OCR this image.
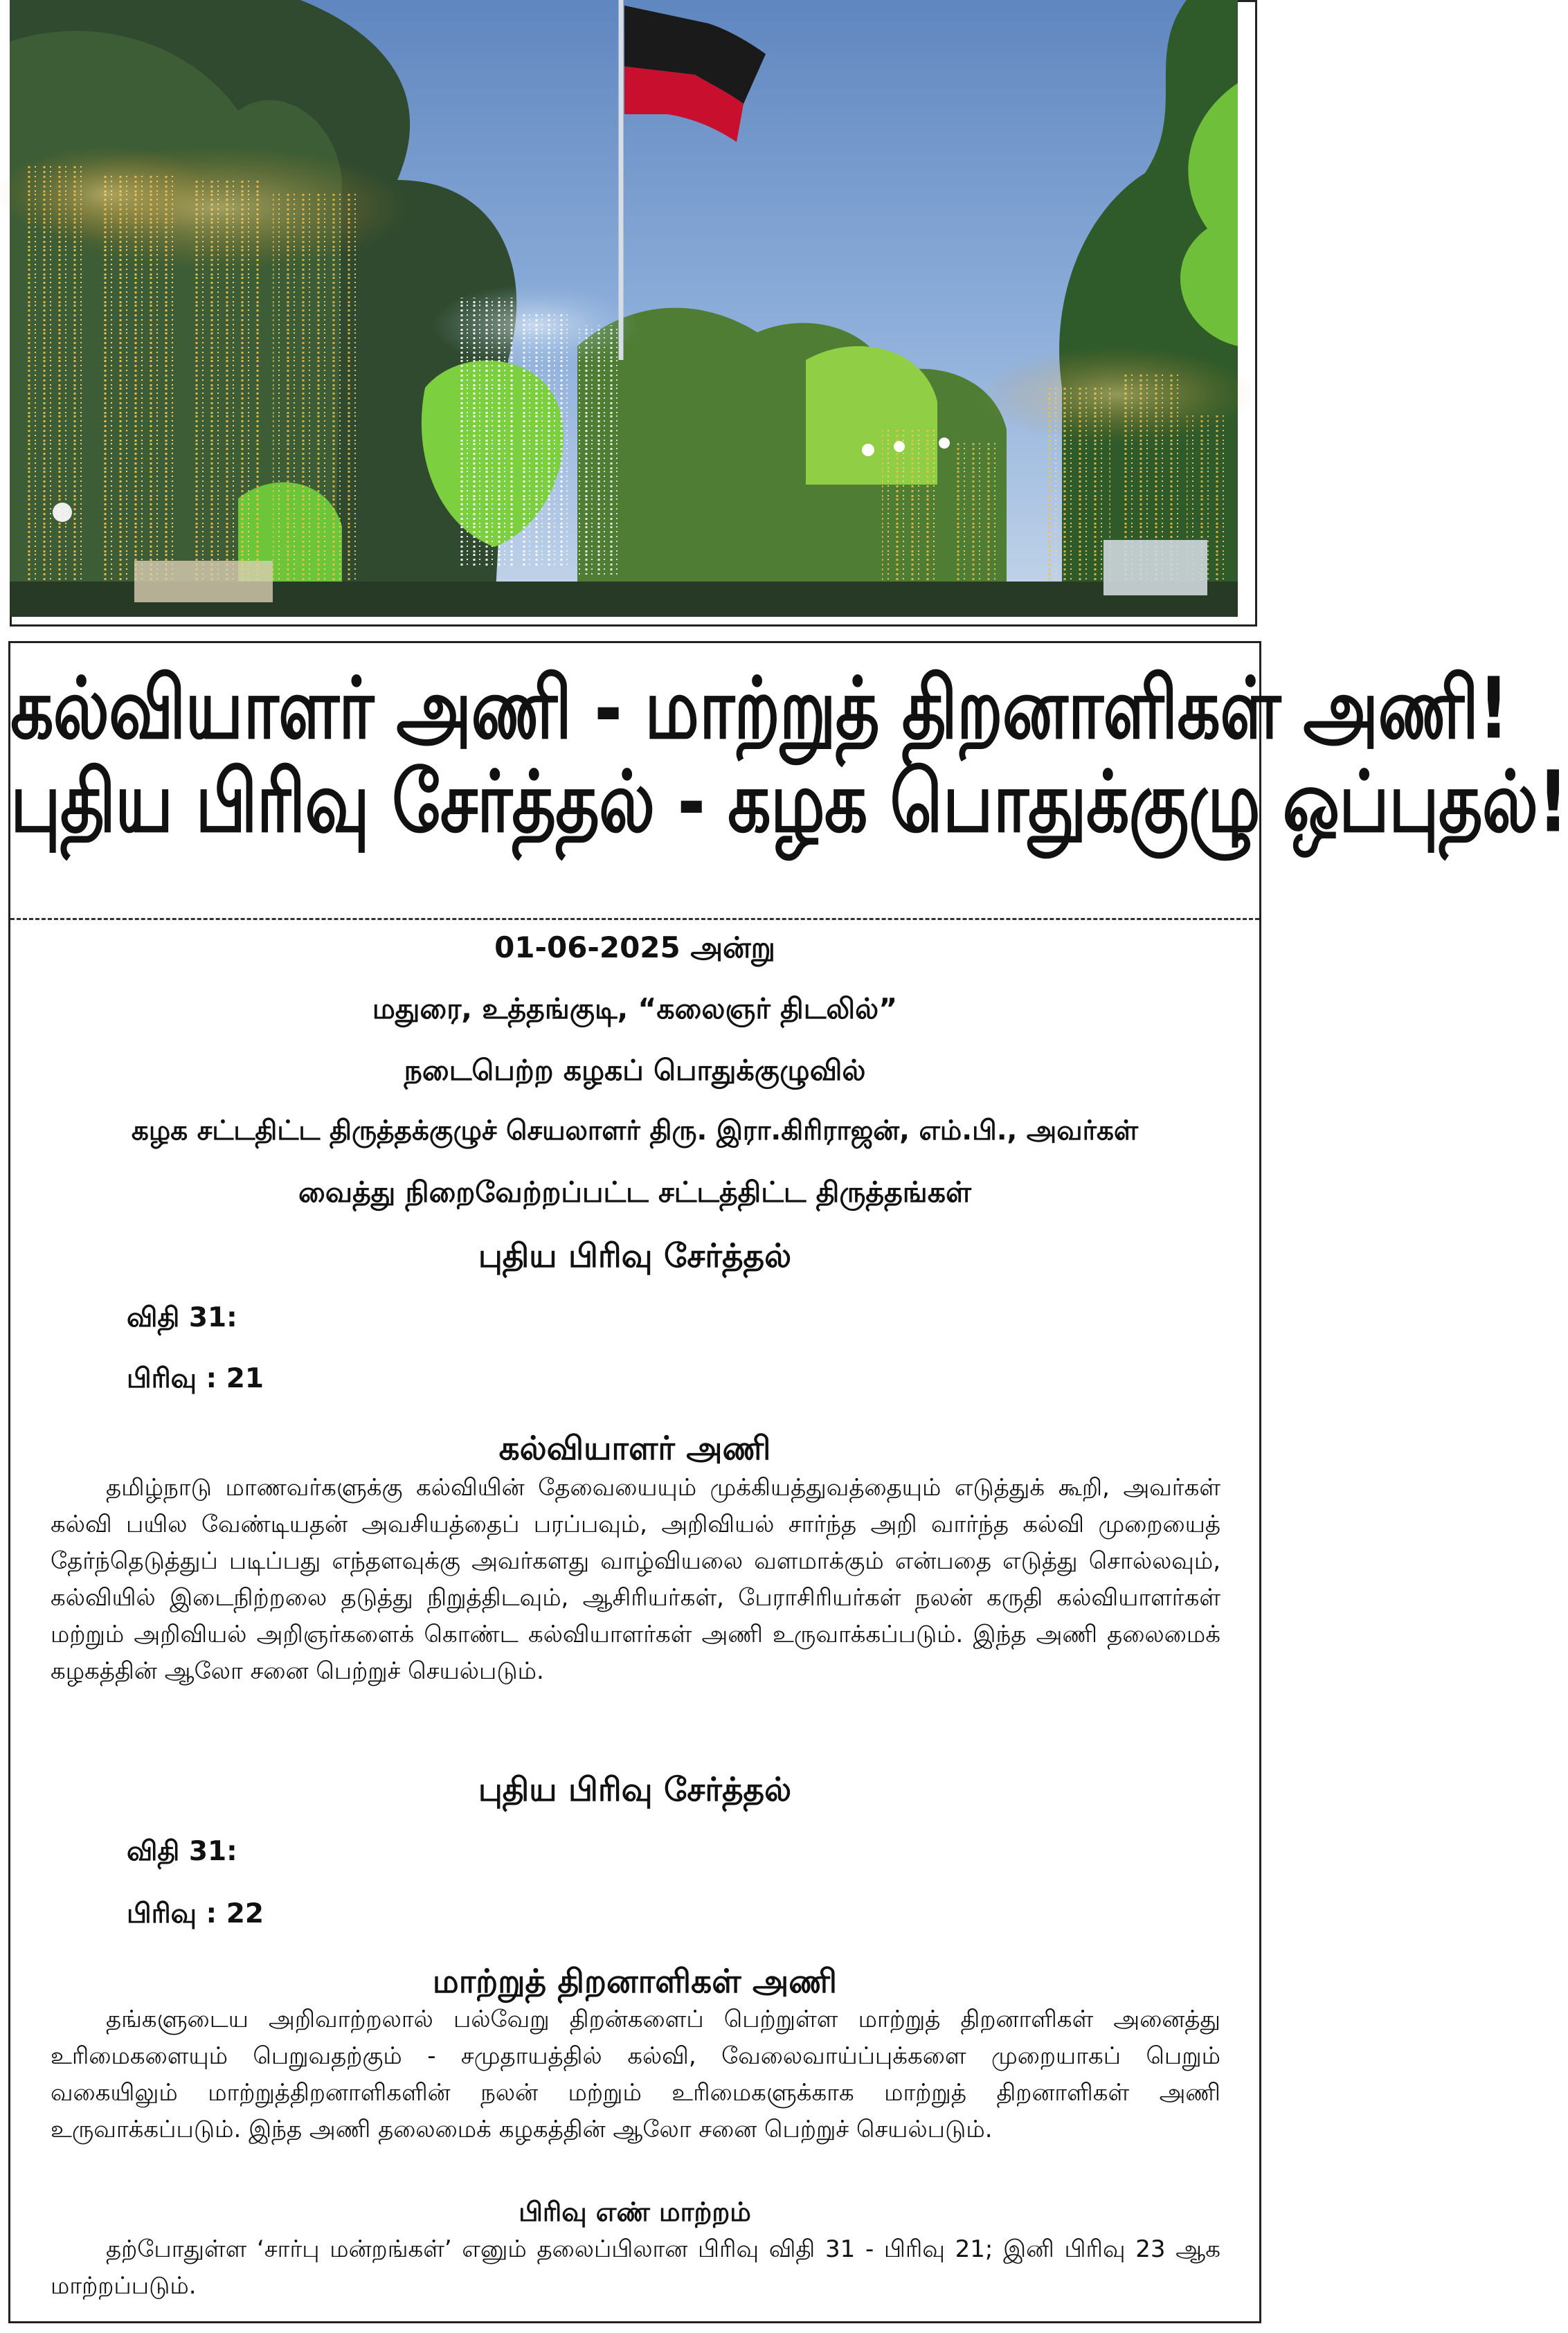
கல்வியாளர் அணி - மாற்றுத் திறனாளிகள் அணி!
புதிய பிரிவு சேர்த்தல் - கழக பொதுக்குழு ஒப்புதல்!
01-06-2025 அன்று
மதுரை, உத்தங்குடி, “கலைஞர் திடலில்”
நடைபெற்ற கழகப் பொதுக்குழுவில்
கழக சட்டதிட்ட திருத்தக்குழுச் செயலாளர் திரு. இரா.கிரிராஜன், எம்.பி., அவர்கள்
வைத்து நிறைவேற்றப்பட்ட சட்டத்திட்ட திருத்தங்கள்
புதிய பிரிவு சேர்த்தல்
விதி 31:
பிரிவு : 21
கல்வியாளர் அணி
தமிழ்நாடு மாணவர்களுக்கு கல்வியின் தேவையையும் முக்கியத்துவத்தையும் எடுத்துக் கூறி, அவர்கள் கல்வி பயில வேண்டியதன் அவசியத்தைப் பரப்பவும், அறிவியல் சார்ந்த அறி வார்ந்த கல்வி முறையைத் தேர்ந்தெடுத்துப் படிப்பது எந்தளவுக்கு அவர்களது வாழ்வியலை வளமாக்கும் என்பதை எடுத்து சொல்லவும், கல்வியில் இடைநிற்றலை தடுத்து நிறுத்திடவும், ஆசிரியர்கள், பேராசிரியர்கள் நலன் கருதி கல்வியாளர்கள் மற்றும் அறிவியல் அறிஞர்களைக் கொண்ட கல்வியாளர்கள் அணி உருவாக்கப்படும். இந்த அணி தலைமைக் கழகத்தின் ஆலோ சனை பெற்றுச் செயல்படும்.
புதிய பிரிவு சேர்த்தல்
விதி 31:
பிரிவு : 22
மாற்றுத் திறனாளிகள் அணி
தங்களுடைய அறிவாற்றலால் பல்வேறு திறன்களைப் பெற்றுள்ள மாற்றுத் திறனாளிகள் அனைத்து உரிமைகளையும் பெறுவதற்கும் - சமுதாயத்தில் கல்வி, வேலைவாய்ப்புக்களை முறையாகப் பெறும் வகையிலும் மாற்றுத்திறனாளிகளின் நலன் மற்றும் உரிமைகளுக்காக மாற்றுத் திறனாளிகள் அணி உருவாக்கப்படும். இந்த அணி தலைமைக் கழகத்தின் ஆலோ சனை பெற்றுச் செயல்படும்.
பிரிவு எண் மாற்றம்
தற்போதுள்ள ‘சார்பு மன்றங்கள்’ எனும் தலைப்பிலான பிரிவு விதி 31 - பிரிவு 21; இனி பிரிவு 23 ஆக மாற்றப்படும்.
